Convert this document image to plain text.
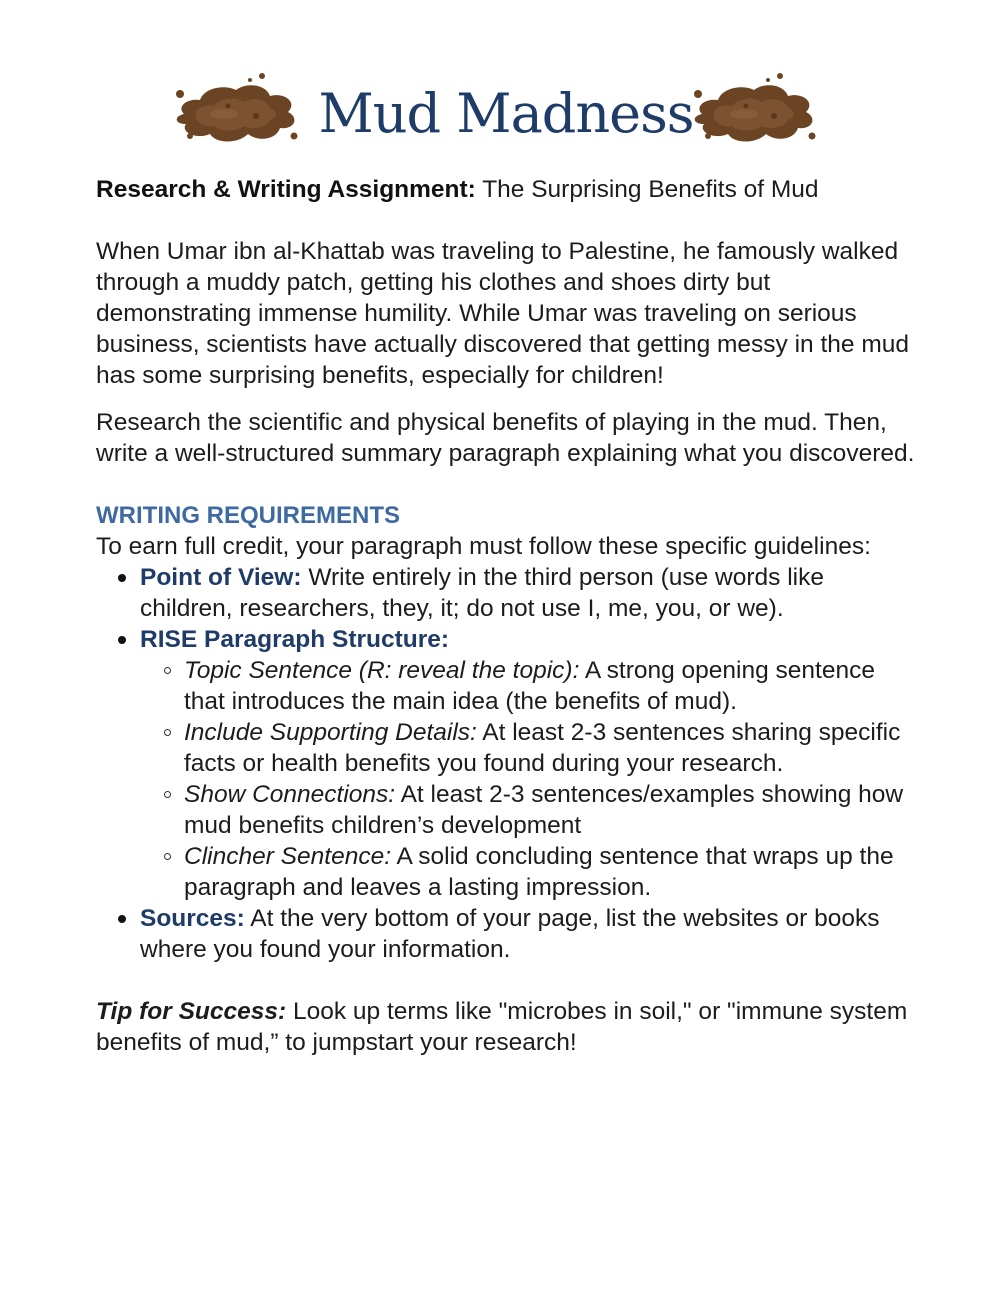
Mud Madness

Research & Writing Assignment: The Surprising Benefits of Mud

When Umar ibn al-Khattab was traveling to Palestine, he famously walked through a muddy patch, getting his clothes and shoes dirty but demonstrating immense humility. While Umar was traveling on serious business, scientists have actually discovered that getting messy in the mud has some surprising benefits, especially for children!

Research the scientific and physical benefits of playing in the mud. Then, write a well-structured summary paragraph explaining what you discovered.

WRITING REQUIREMENTS

To earn full credit, your paragraph must follow these specific guidelines:

Point of View: Write entirely in the third person (use words like children, researchers, they, it; do not use I, me, you, or we).
RISE Paragraph Structure:
Topic Sentence (R: reveal the topic): A strong opening sentence that introduces the main idea (the benefits of mud).
Include Supporting Details: At least 2-3 sentences sharing specific facts or health benefits you found during your research.
Show Connections: At least 2-3 sentences/examples showing how mud benefits children’s development
Clincher Sentence: A solid concluding sentence that wraps up the paragraph and leaves a lasting impression.
Sources: At the very bottom of your page, list the websites or books where you found your information.

Tip for Success: Look up terms like "microbes in soil," or "immune system benefits of mud,” to jumpstart your research!
